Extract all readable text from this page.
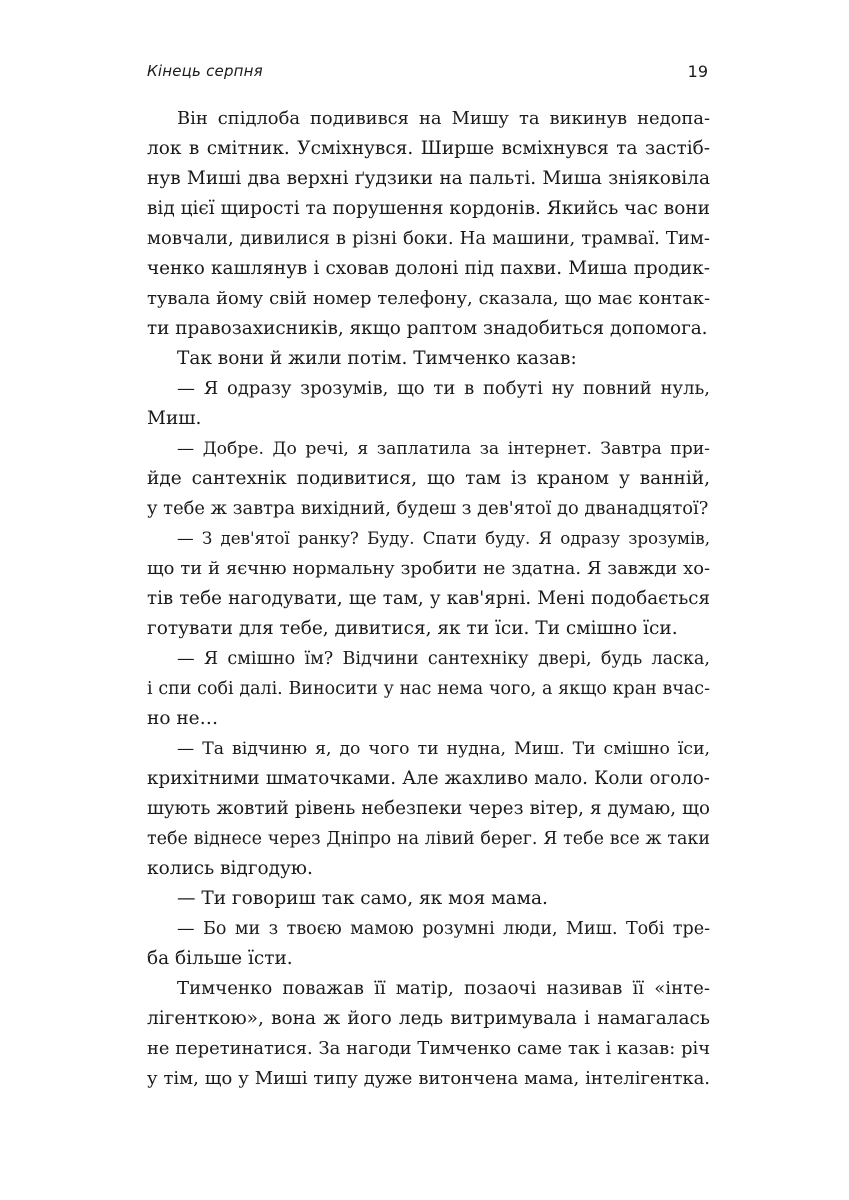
Кінець серпня	19

Він спідлоба подивився на Мишу та викинув недопа-
лок в смітник. Усміхнувся. Ширше всміхнувся та застіб-
нув Миші два верхні ґудзики на пальті. Миша зніяковіла
від цієї щирості та порушення кордонів. Якийсь час вони
мовчали, дивилися в різні боки. На машини, трамваї. Тим-
ченко кашлянув і сховав долоні під пахви. Миша продик-
тувала йому свій номер телефону, сказала, що має контак-
ти правозахисників, якщо раптом знадобиться допомога.

Так вони й жили потім. Тимченко казав:

— Я одразу зрозумів, що ти в побуті ну повний нуль,
Миш.

— Добре. До речі, я заплатила за інтернет. Завтра при-
йде сантехнік подивитися, що там із краном у ванній,
у тебе ж завтра вихідний, будеш з дев'ятої до дванадцятої?

— З дев'ятої ранку? Буду. Спати буду. Я одразу зрозумів,
що ти й яєчню нормальну зробити не здатна. Я завжди хо-
тів тебе нагодувати, ще там, у кав'ярні. Мені подобається
готувати для тебе, дивитися, як ти їси. Ти смішно їси.

— Я смішно їм? Відчини сантехніку двері, будь ласка,
і спи собі далі. Виносити у нас нема чого, а якщо кран вчас-
но не…

— Та відчиню я, до чого ти нудна, Миш. Ти смішно їси,
крихітними шматочками. Але жахливо мало. Коли оголо-
шують жовтий рівень небезпеки через вітер, я думаю, що
тебе віднесе через Дніпро на лівий берег. Я тебе все ж таки
колись відгодую.

— Ти говориш так само, як моя мама.

— Бо ми з твоєю мамою розумні люди, Миш. Тобі тре-
ба більше їсти.

Тимченко поважав її матір, позаочі називав її «інте-
лігенткою», вона ж його ледь витримувала і намагалась
не перетинатися. За нагоди Тимченко саме так і казав: річ
у тім, що у Миші типу дуже витончена мама, інтелігентка.
